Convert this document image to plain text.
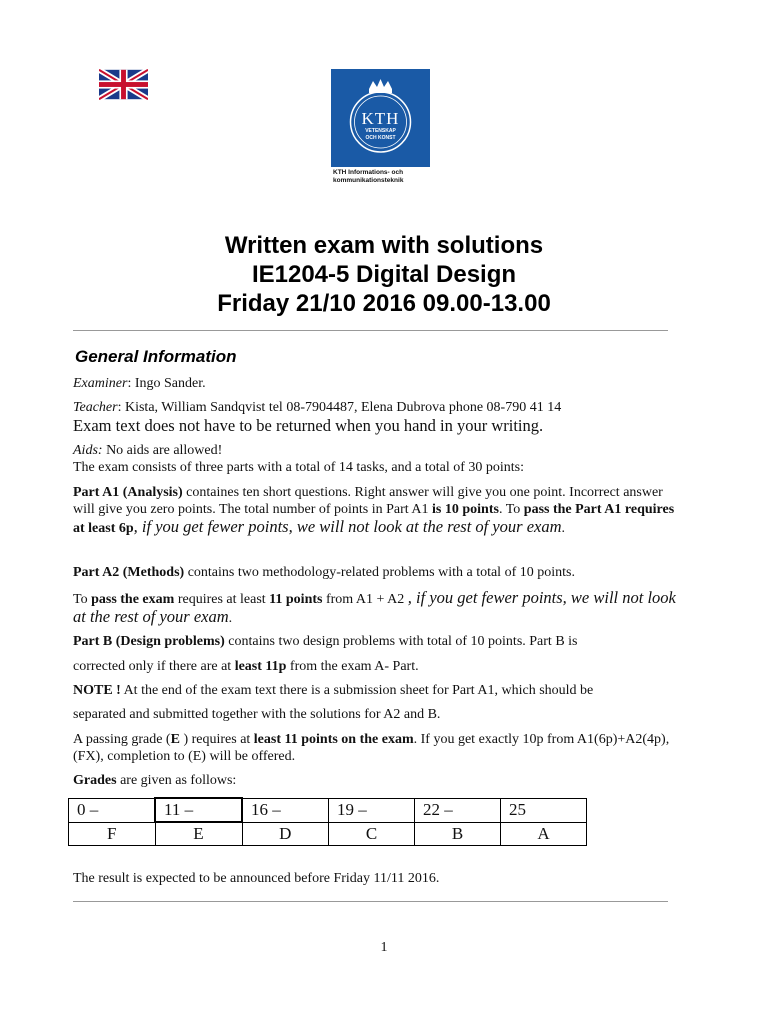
KTH
VETENSKAP
OCH KONST
KTH Informations- och
kommunikationsteknik
Written exam with solutions
IE1204-5 Digital Design
Friday 21/10 2016 09.00-13.00
General Information
Examiner: Ingo Sander.
Teacher: Kista, William Sandqvist tel 08-7904487, Elena Dubrova phone 08-790 41 14
Exam text does not have to be returned when you hand in your writing.
Aids: No aids are allowed!
The exam consists of three parts with a total of 14 tasks, and a total of 30 points:
Part A1 (Analysis) containes ten short questions. Right answer will give you one point. Incorrect answer will give you zero points. The total number of points in Part A1 is 10 points. To pass the Part A1 requires at least 6p, if you get fewer points, we will not look at the rest of your exam.
Part A2 (Methods) contains two methodology-related problems with a total of 10 points.
To pass the exam requires at least 11 points from A1 + A2 , if you get fewer points, we will not look at the rest of your exam.
Part B (Design problems) contains two design problems with total of 10 points. Part B is
corrected only if there are at least 11p from the exam A- Part.
NOTE ! At the end of the exam text there is a submission sheet for Part A1, which should be
separated and submitted together with the solutions for A2 and B.
A passing grade (E ) requires at least 11 points on the exam. If you get exactly 10p from A1(6p)+A2(4p), (FX), completion to (E) will be offered.
Grades are given as follows:
0 –	11 –	16 –	19 –	22 –	25
F	E	D	C	B	A
The result is expected to be announced before Friday 11/11 2016.
1
